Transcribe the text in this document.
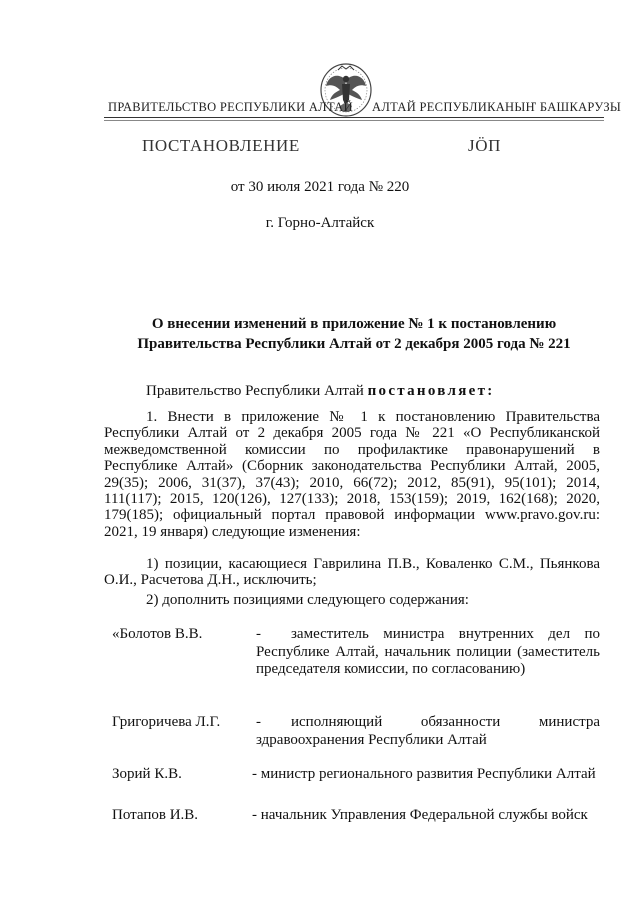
ПРАВИТЕЛЬСТВО РЕСПУБЛИКИ АЛТАЙ АЛТАЙ РЕСПУБЛИКАНЫҤ БАШКАРУЗЫ
ПОСТАНОВЛЕНИЕ	ЈӦП
от 30 июля 2021 года № 220
г. Горно-Алтайск
О внесении изменений в приложение № 1 к постановлению
Правительства Республики Алтай от 2 декабря 2005 года № 221
Правительство Республики Алтай постановляет:
1. Внести в приложение № 1 к постановлению Правительства Республики Алтай от 2 декабря 2005 года № 221 «О Республиканской межведомственной комиссии по профилактике правонарушений в Республике Алтай» (Сборник законодательства Республики Алтай, 2005, 29(35); 2006, 31(37), 37(43); 2010, 66(72); 2012, 85(91), 95(101); 2014, 111(117); 2015, 120(126), 127(133); 2018, 153(159); 2019, 162(168); 2020, 179(185); официальный портал правовой информации www.pravo.gov.ru: 2021, 19 января) следующие изменения:
1) позиции, касающиеся Гаврилина П.В., Коваленко С.М., Пьянкова О.И., Расчетова Д.Н., исключить;
2) дополнить позициями следующего содержания:
«Болотов В.В.	- заместитель министра внутренних дел по Республике Алтай, начальник полиции (заместитель председателя комиссии, по согласованию)
Григоричева Л.Г. - исполняющий обязанности министра здравоохранения Республики Алтай
Зорий К.В.	- министр регионального развития Республики Алтай
Потапов И.В.	- начальник Управления Федеральной службы войск
